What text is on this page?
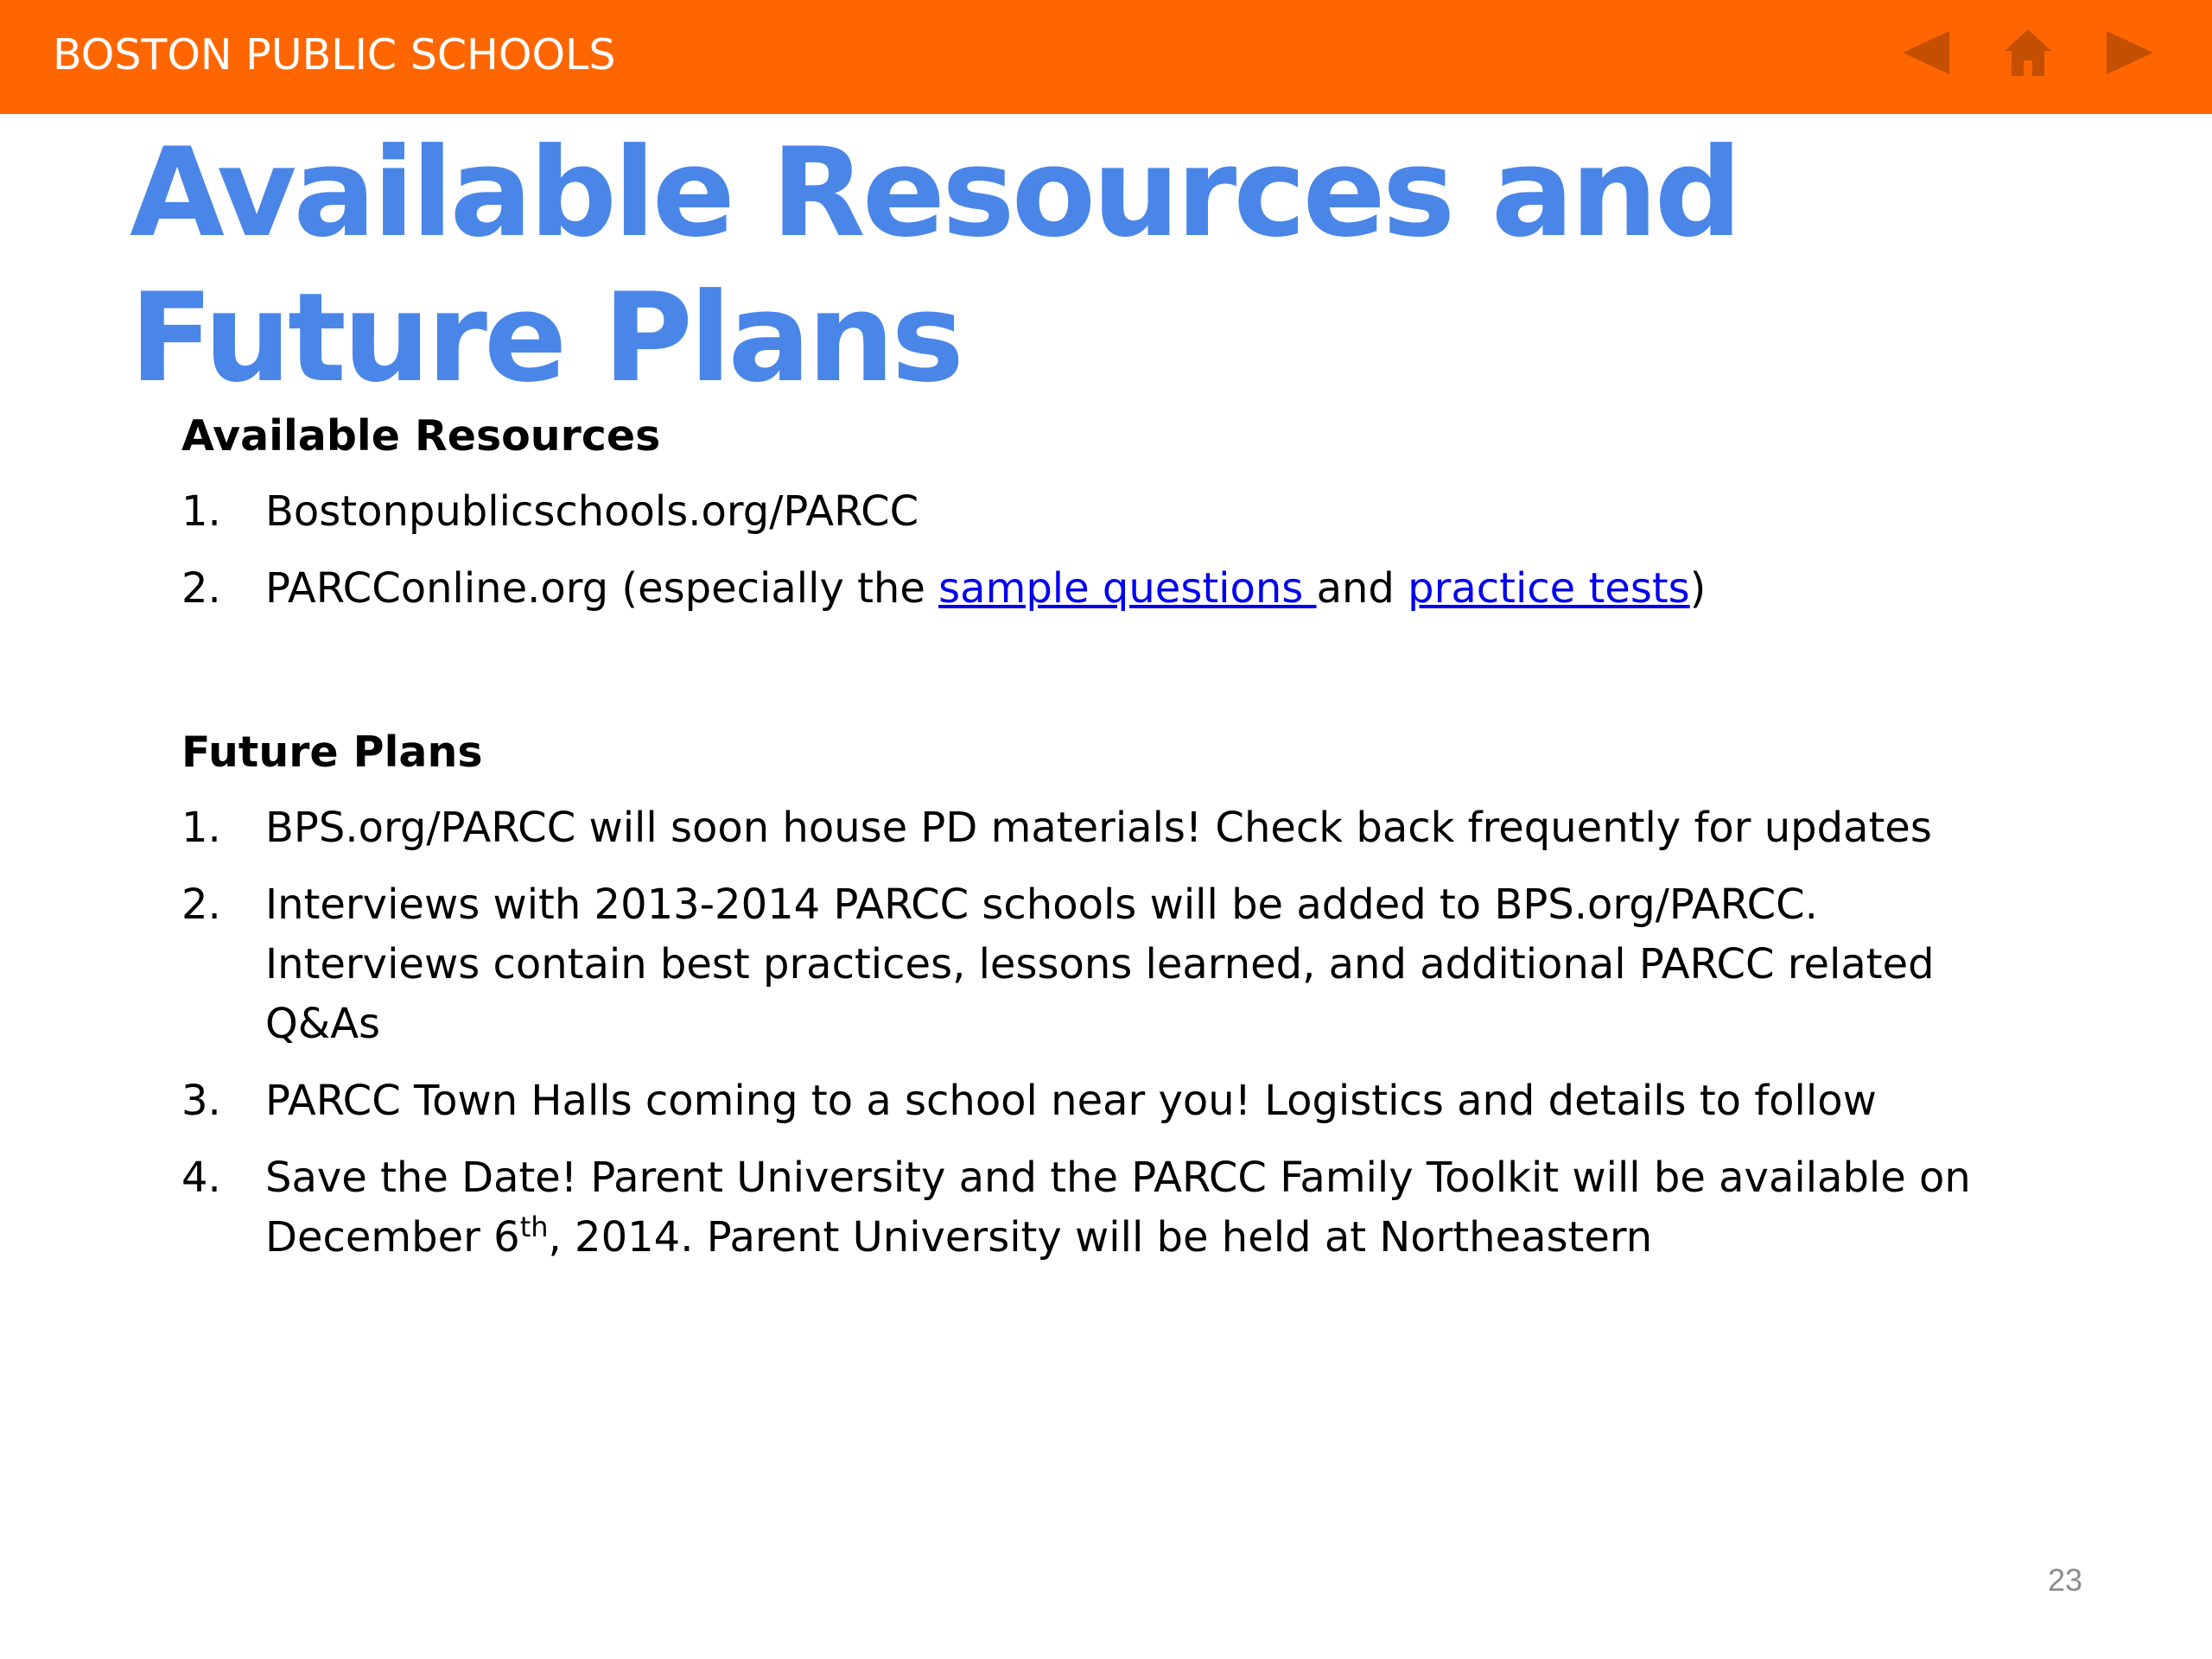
BOSTON PUBLIC SCHOOLS
Available Resources and Future Plans
Available Resources
1. Bostonpublicschools.org/PARCC
2. PARCConline.org (especially the sample questions and practice tests)
Future Plans
1. BPS.org/PARCC will soon house PD materials! Check back frequently for updates
2. Interviews with 2013-2014 PARCC schools will be added to BPS.org/PARCC. Interviews contain best practices, lessons learned, and additional PARCC related Q&As
3. PARCC Town Halls coming to a school near you! Logistics and details to follow
4. Save the Date! Parent University and the PARCC Family Toolkit will be available on December 6th, 2014. Parent University will be held at Northeastern
23
